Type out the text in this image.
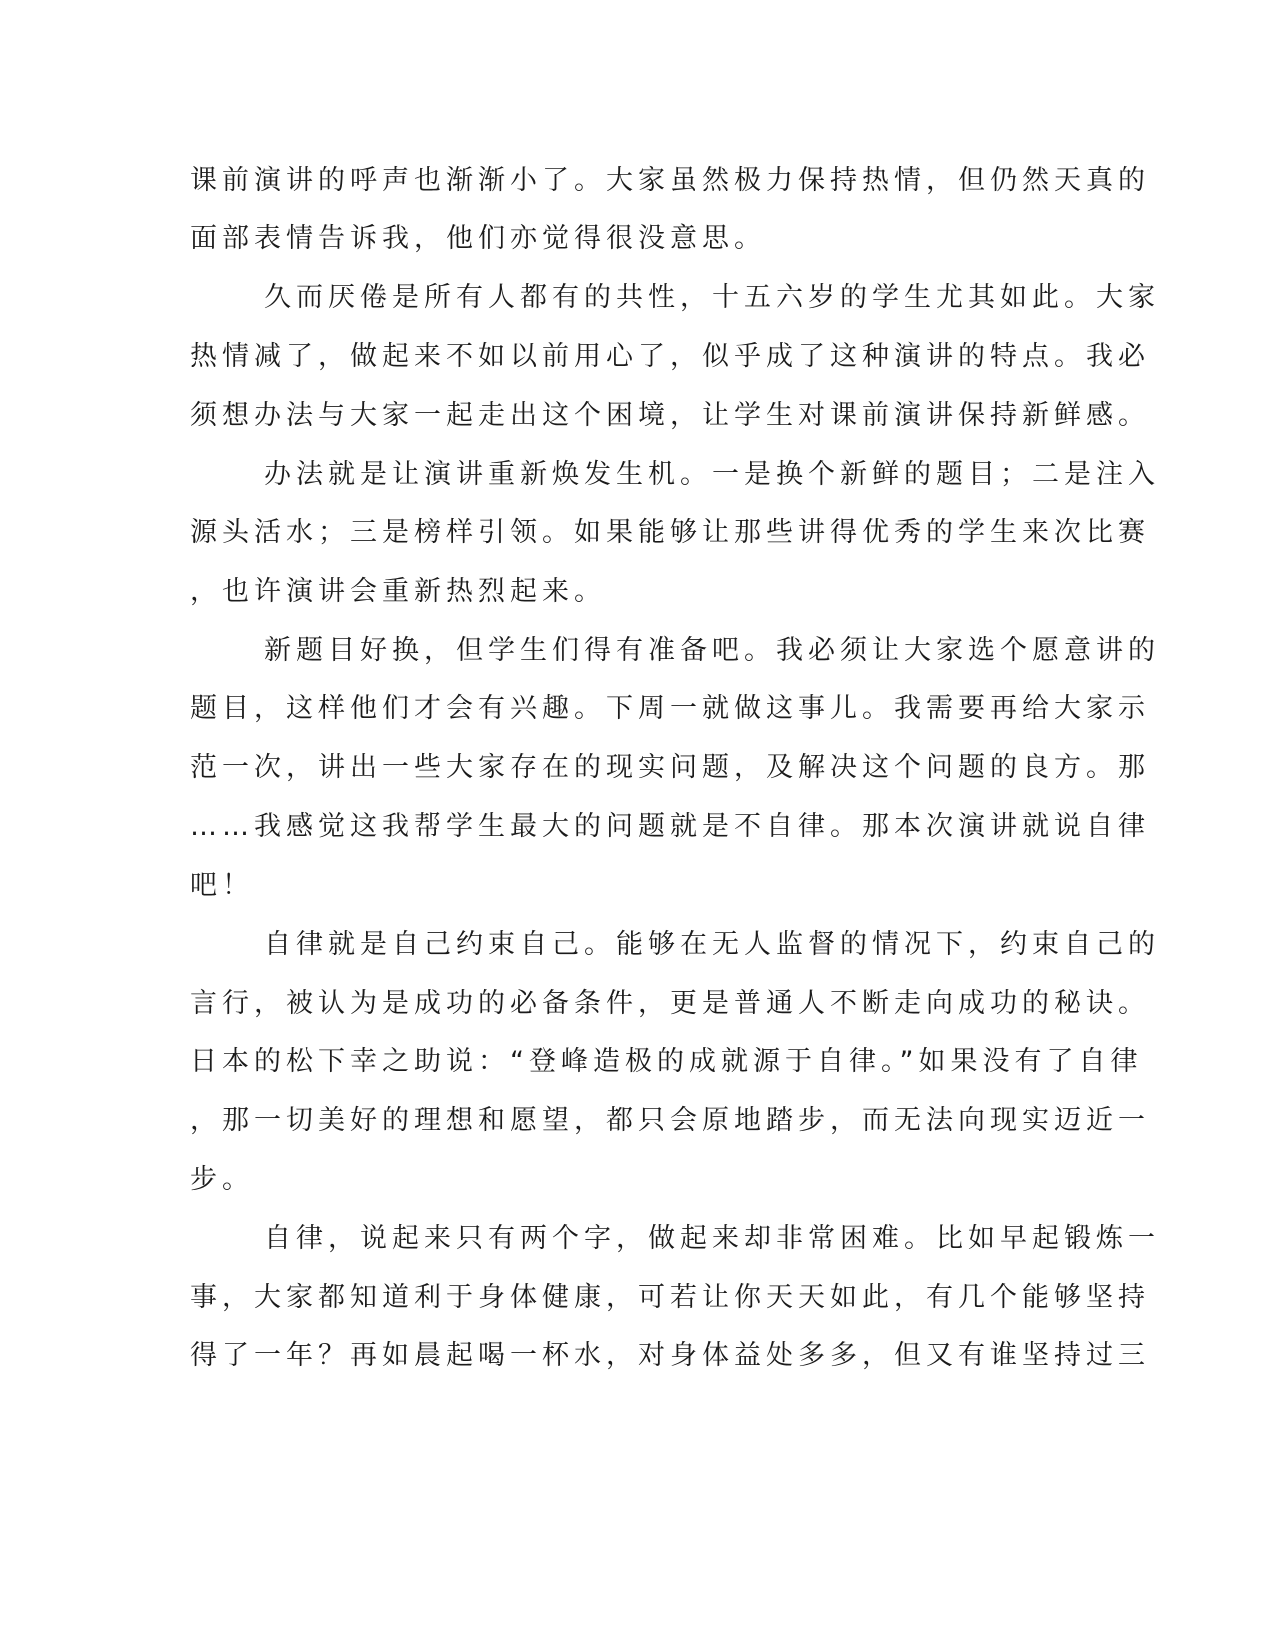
课前演讲的呼声也渐渐小了。大家虽然极力保持热情，但仍然天真的

面部表情告诉我，他们亦觉得很没意思。

久而厌倦是所有人都有的共性，十五六岁的学生尤其如此。大家

热情减了，做起来不如以前用心了，似乎成了这种演讲的特点。我必

须想办法与大家一起走出这个困境，让学生对课前演讲保持新鲜感。

办法就是让演讲重新焕发生机。一是换个新鲜的题目；二是注入

源头活水；三是榜样引领。如果能够让那些讲得优秀的学生来次比赛

，也许演讲会重新热烈起来。

新题目好换，但学生们得有准备吧。我必须让大家选个愿意讲的

题目，这样他们才会有兴趣。下周一就做这事儿。我需要再给大家示

范一次，讲出一些大家存在的现实问题，及解决这个问题的良方。那

……我感觉这我帮学生最大的问题就是不自律。那本次演讲就说自律

吧！

自律就是自己约束自己。能够在无人监督的情况下，约束自己的

言行，被认为是成功的必备条件，更是普通人不断走向成功的秘诀。

日本的松下幸之助说：“登峰造极的成就源于自律。”如果没有了自律

，那一切美好的理想和愿望，都只会原地踏步，而无法向现实迈近一

步。

自律，说起来只有两个字，做起来却非常困难。比如早起锻炼一

事，大家都知道利于身体健康，可若让你天天如此，有几个能够坚持

得了一年？再如晨起喝一杯水，对身体益处多多，但又有谁坚持过三
